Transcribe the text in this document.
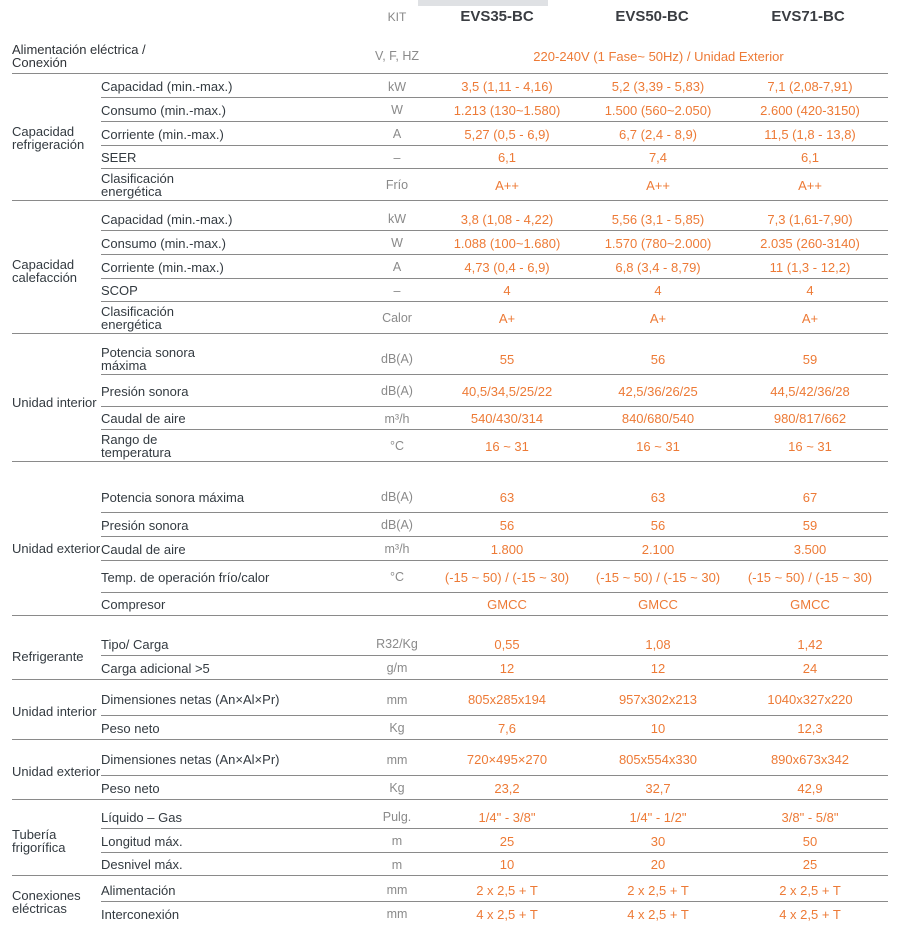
KIT	EVS35-BC	EVS50-BC	EVS71-BC
Alimentación eléctrica / Conexión	V, F, HZ	220-240V (1 Fase~ 50Hz) / Unidad Exterior
Capacidad refrigeración
Capacidad (min.-max.)	kW	3,5 (1,11 - 4,16)	5,2 (3,39 - 5,83)	7,1 (2,08-7,91)
Consumo (min.-max.)	W	1.213 (130~1.580)	1.500 (560~2.050)	2.600 (420-3150)
Corriente (min.-max.)	A	5,27 (0,5 - 6,9)	6,7 (2,4 - 8,9)	11,5 (1,8 - 13,8)
SEER	–	6,1	7,4	6,1
Clasificación energética	Frío	A++	A++	A++
Capacidad calefacción
Capacidad (min.-max.)	kW	3,8 (1,08 - 4,22)	5,56 (3,1 - 5,85)	7,3 (1,61-7,90)
Consumo (min.-max.)	W	1.088 (100~1.680)	1.570 (780~2.000)	2.035 (260-3140)
Corriente (min.-max.)	A	4,73 (0,4 - 6,9)	6,8 (3,4 - 8,79)	11 (1,3 - 12,2)
SCOP	–	4	4	4
Clasificación energética	Calor	A+	A+	A+
Unidad interior
Potencia sonora máxima	dB(A)	55	56	59
Presión sonora	dB(A)	40,5/34,5/25/22	42,5/36/26/25	44,5/42/36/28
Caudal de aire	m³/h	540/430/314	840/680/540	980/817/662
Rango de temperatura	°C	16 ~ 31	16 ~ 31	16 ~ 31
Unidad exterior
Potencia sonora máxima	dB(A)	63	63	67
Presión sonora	dB(A)	56	56	59
Caudal de aire	m³/h	1.800	2.100	3.500
Temp. de operación frío/calor	°C	(-15 ~ 50) / (-15 ~ 30)	(-15 ~ 50) / (-15 ~ 30)	(-15 ~ 50) / (-15 ~ 30)
Compresor	GMCC	GMCC	GMCC
Refrigerante
Tipo/ Carga	R32/Kg	0,55	1,08	1,42
Carga adicional >5	g/m	12	12	24
Unidad interior
Dimensiones netas (An×Al×Pr)	mm	805x285x194	957x302x213	1040x327x220
Peso neto	Kg	7,6	10	12,3
Unidad exterior
Dimensiones netas (An×Al×Pr)	mm	720×495×270	805x554x330	890x673x342
Peso neto	Kg	23,2	32,7	42,9
Tubería frigorífica
Líquido – Gas	Pulg.	1/4" - 3/8"	1/4" - 1/2"	3/8" - 5/8"
Longitud máx.	m	25	30	50
Desnivel máx.	m	10	20	25
Conexiones eléctricas
Alimentación	mm	2 x 2,5 + T	2 x 2,5 + T	2 x 2,5 + T
Interconexión	mm	4 x 2,5 + T	4 x 2,5 + T	4 x 2,5 + T
